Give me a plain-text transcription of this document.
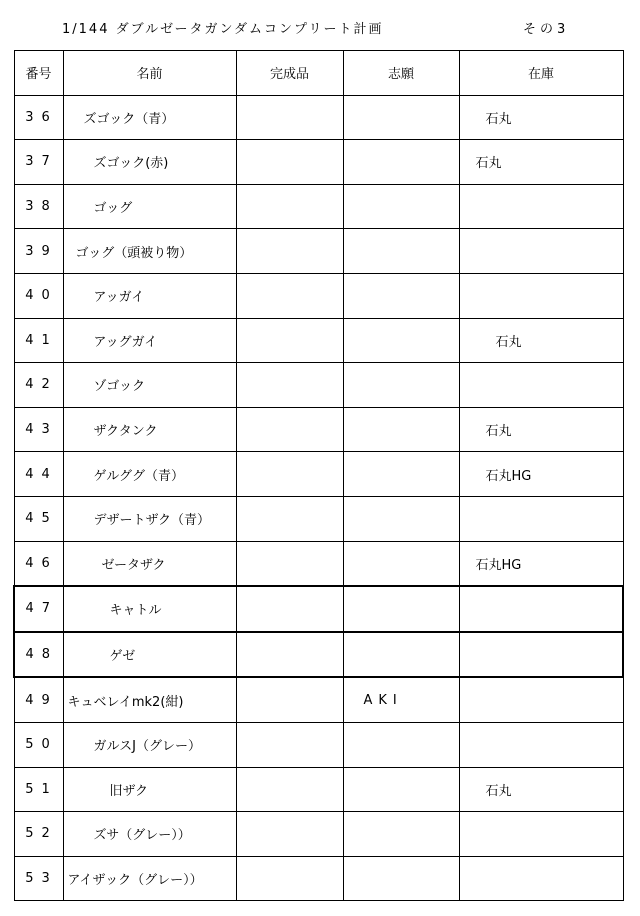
1/144 ダブルゼータガンダムコンプリート計画	その3
番号	名前	完成品	志願	在庫
36	ズゴック（青）			石丸
37	ズゴック(赤)			石丸
38	ゴッグ			
39	ゴッグ（頭被り物）			
40	アッガイ			
41	アッグガイ			石丸
42	ゾゴック			
43	ザクタンク			石丸
44	ゲルググ（青）			石丸HG
45	デザートザク（青）			
46	ゼータザク			石丸HG
47	キャトル			
48	ゲゼ			
49	キュベレイmk2(紺)		AKI	
50	ガルスJ（グレー）			
51	旧ザク			石丸
52	ズサ（グレー））			
53	アイザック（グレー））			
